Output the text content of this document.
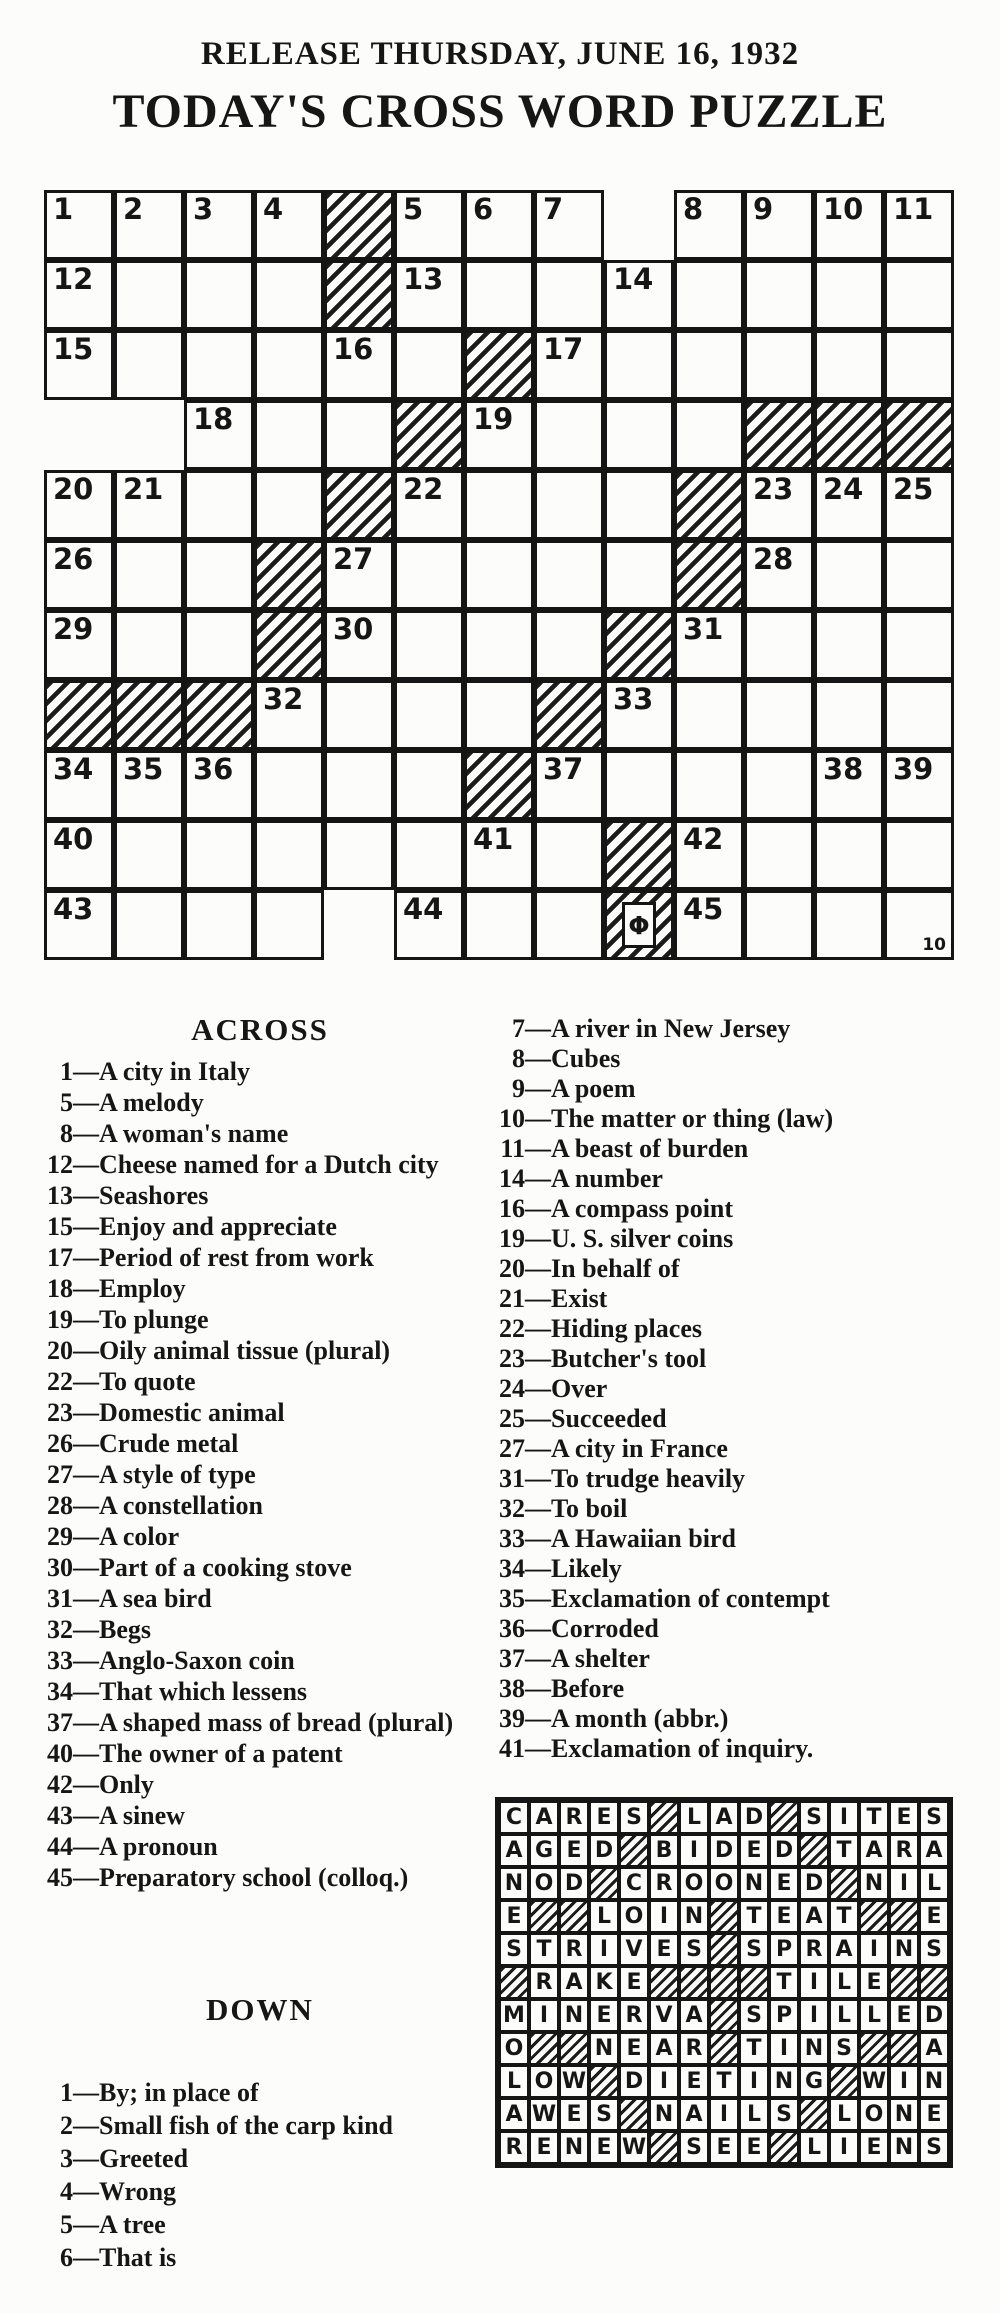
RELEASE THURSDAY, JUNE 16, 1932
TODAY'S CROSS WORD PUZZLE
1 2 3 4	5 6 7	8 9 10 11
12	13	14
15	16	17
18	19
20 21	22	23 24 25
26	27	28
29	30	31
32	33
34 35 36	37	38 39
40	41	42
43	44	Φ 45
10
ACROSS
1—A city in Italy
5—A melody
8—A woman's name
12—Cheese named for a Dutch city
13—Seashores
15—Enjoy and appreciate
17—Period of rest from work
18—Employ
19—To plunge
20—Oily animal tissue (plural)
22—To quote
23—Domestic animal
26—Crude metal
27—A style of type
28—A constellation
29—A color
30—Part of a cooking stove
31—A sea bird
32—Begs
33—Anglo-Saxon coin
34—That which lessens
37—A shaped mass of bread (plural)
40—The owner of a patent
42—Only
43—A sinew
44—A pronoun
45—Preparatory school (colloq.)
DOWN
1—By; in place of
2—Small fish of the carp kind
3—Greeted
4—Wrong
5—A tree
6—That is
7—A river in New Jersey
8—Cubes
9—A poem
10—The matter or thing (law)
11—A beast of burden
14—A number
16—A compass point
19—U. S. silver coins
20—In behalf of
21—Exist
22—Hiding places
23—Butcher's tool
24—Over
25—Succeeded
27—A city in France
31—To trudge heavily
32—To boil
33—A Hawaiian bird
34—Likely
35—Exclamation of contempt
36—Corroded
37—A shelter
38—Before
39—A month (abbr.)
41—Exclamation of inquiry.
C A R E S	L A D	S I T E S
A G E D	B I D E D	T A R A
N O D	C R O O N E D N I L
E	L O I N	T E A T	E
S T R I V E S	S P R A I N S
R A K E	T I L E
M I N E R V A	S P I L L E D
O	N E A R	T I N S	A
L O W D I E T I N G W I N
A W E S	N A I L S	L O N E
R E N E W	S E E	L I E N S
